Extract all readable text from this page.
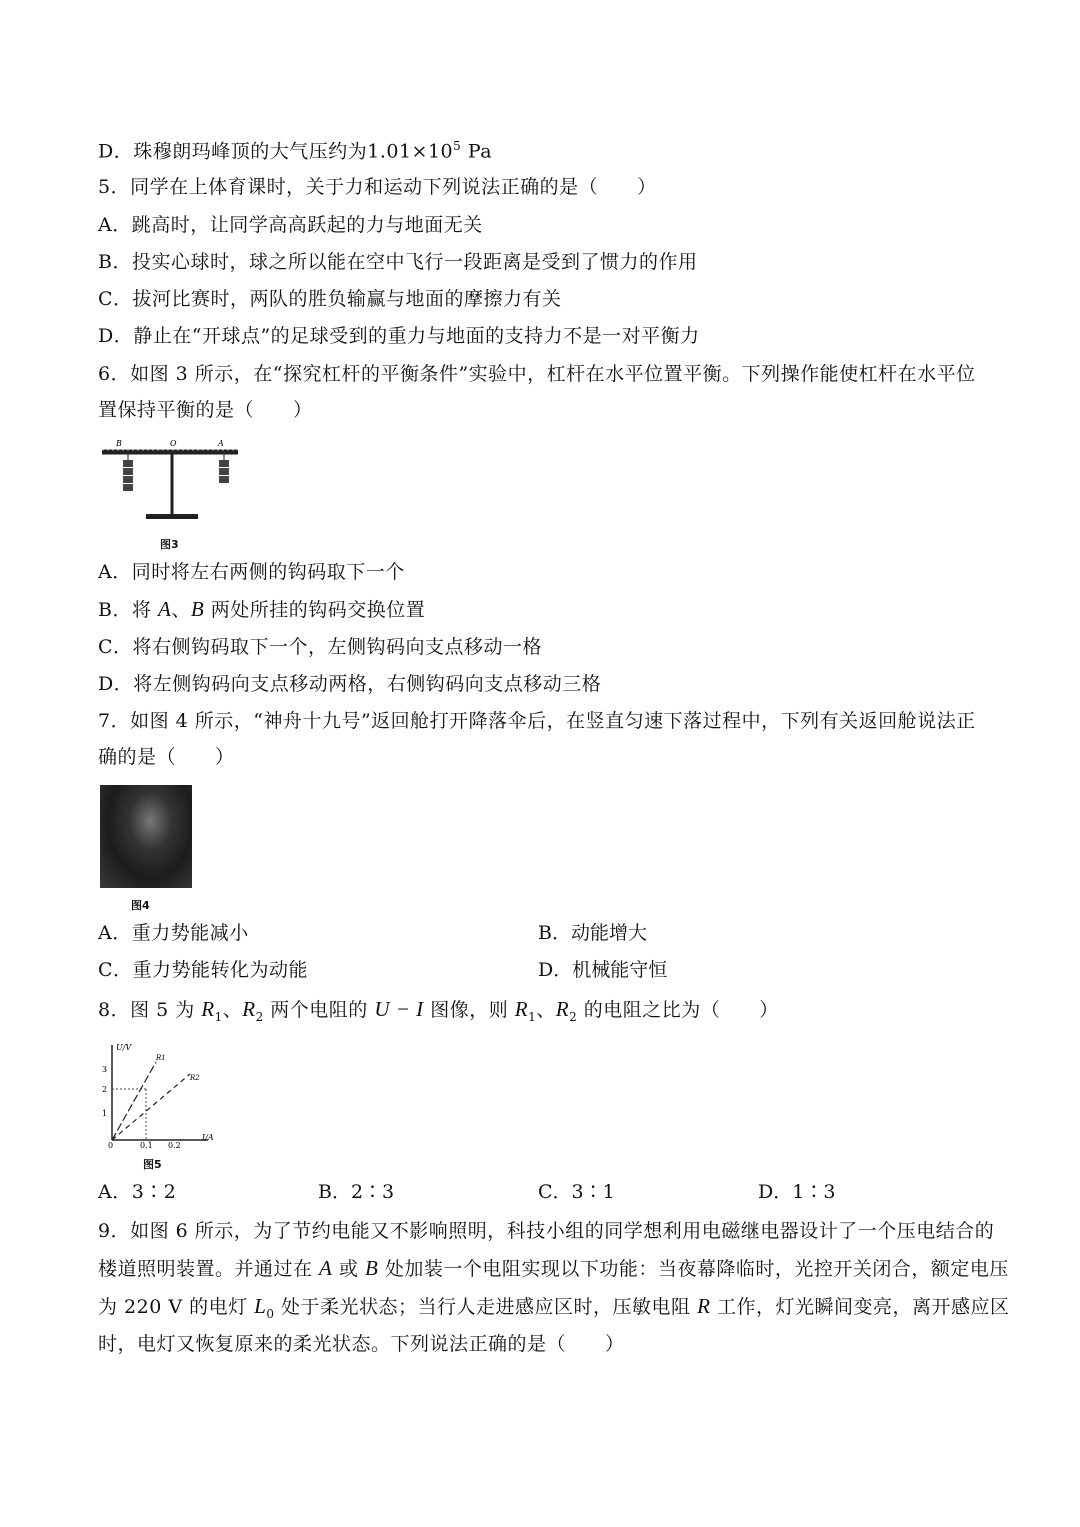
D．珠穆朗玛峰顶的大气压约为$1.01\times 10^5$ Pa
5．同学在上体育课时，关于力和运动下列说法正确的是（　　）
A．跳高时，让同学高高跃起的力与地面无关
B．投实心球时，球之所以能在空中飞行一段距离是受到了惯力的作用
C．拔河比赛时，两队的胜负输赢与地面的摩擦力有关
D．静止在“开球点”的足球受到的重力与地面的支持力不是一对平衡力
6．如图 3 所示，在“探究杠杆的平衡条件”实验中，杠杆在水平位置平衡。下列操作能使杠杆在水平位
置保持平衡的是（　　）
B	O	A
图3
A．同时将左右两侧的钩码取下一个
B．将 A、B 两处所挂的钩码交换位置
C．将右侧钩码取下一个，左侧钩码向支点移动一格
D．将左侧钩码向支点移动两格，右侧钩码向支点移动三格
7．如图 4 所示，“神舟十九号”返回舱打开降落伞后，在竖直匀速下落过程中，下列有关返回舱说法正
确的是（　　）
图4
A．重力势能减小	B．动能增大
C．重力势能转化为动能	D．机械能守恒
8．图 5 为 $R_1$、$R_2$ 两个电阻的 U − I 图像，则 $R_1$、$R_2$ 的电阻之比为（　　）
U/V
I/A
3
2
1
0	0.1 0.2
R1
R2
图5
A．3∶2	B．2∶3	C．3∶1	D．1∶3
9．如图 6 所示，为了节约电能又不影响照明，科技小组的同学想利用电磁继电器设计了一个压电结合的
楼道照明装置。并通过在 A 或 B 处加装一个电阻实现以下功能：当夜幕降临时，光控开关闭合，额定电压
为 220 V 的电灯 $L_0$ 处于柔光状态；当行人走进感应区时，压敏电阻 R 工作，灯光瞬间变亮，离开感应区
时，电灯又恢复原来的柔光状态。下列说法正确的是（　　）
